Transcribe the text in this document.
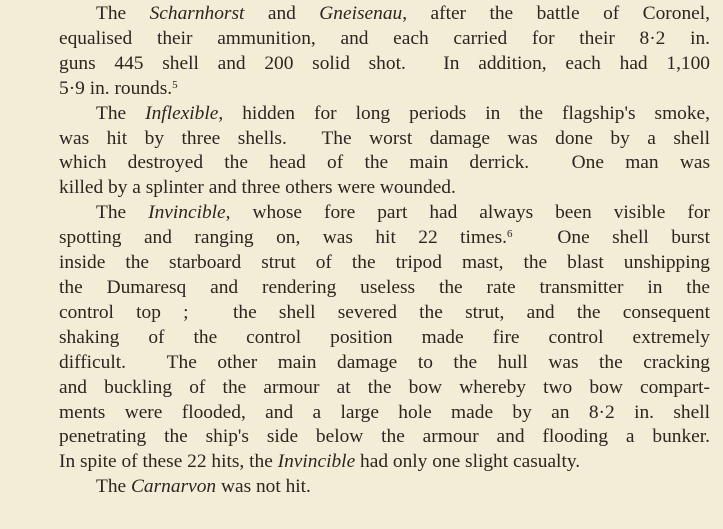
The Scharnhorst and Gneisenau, after the battle of Coronel,
equalised their ammunition, and each carried for their 8·2 in.
guns 445 shell and 200 solid shot.  In addition, each had 1,100
5·9 in. rounds.$^5$
The Inflexible, hidden for long periods in the flagship's smoke,
was hit by three shells.  The worst damage was done by a shell
which destroyed the head of the main derrick.  One man was
killed by a splinter and three others were wounded.
The Invincible, whose fore part had always been visible for
spotting and ranging on, was hit 22 times.$^6$  One shell burst
inside the starboard strut of the tripod mast, the blast unshipping
the Dumaresq and rendering useless the rate transmitter in the
control top ;  the shell severed the strut, and the consequent
shaking of the control position made fire control extremely
difficult.  The other main damage to the hull was the cracking
and buckling of the armour at the bow whereby two bow compart-
ments were flooded, and a large hole made by an 8·2 in. shell
penetrating the ship's side below the armour and flooding a bunker.
In spite of these 22 hits, the Invincible had only one slight casualty.
The Carnarvon was not hit.
